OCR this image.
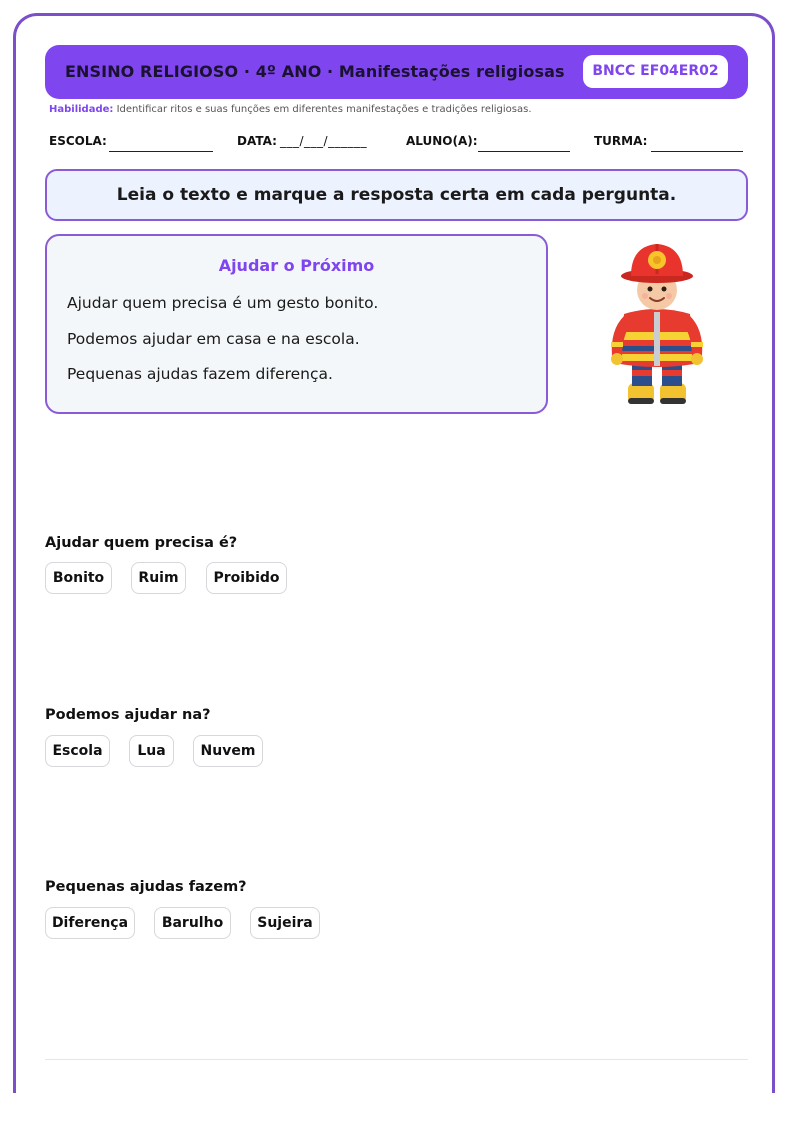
ENSINO RELIGIOSO · 4º ANO · Manifestações religiosas	BNCC EF04ER02
Habilidade: Identificar ritos e suas funções em diferentes manifestações e tradições religiosas.
ESCOLA:	DATA: ___/___/______	ALUNO(A):	TURMA:
Leia o texto e marque a resposta certa em cada pergunta.
Ajudar o Próximo
Ajudar quem precisa é um gesto bonito.
Podemos ajudar em casa e na escola.
Pequenas ajudas fazem diferença.
Ajudar quem precisa é?
Bonito	Ruim	Proibido
Podemos ajudar na?
Escola	Lua	Nuvem
Pequenas ajudas fazem?
Diferença	Barulho	Sujeira
